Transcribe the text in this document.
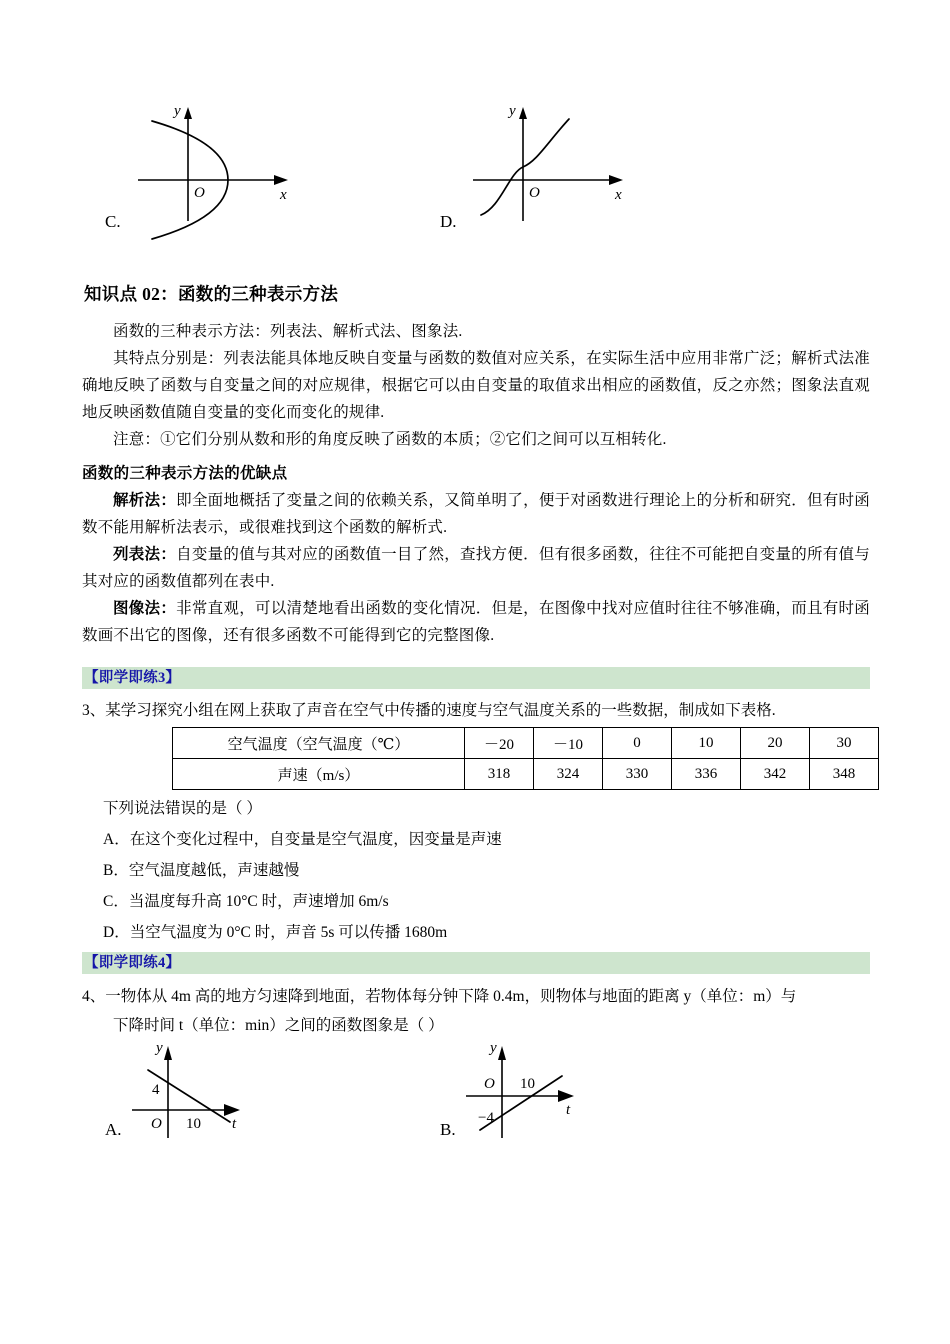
C.
y
O	x
D.
y
O	x
知识点 02：函数的三种表示方法

函数的三种表示方法：列表法、解析式法、图象法.

其特点分别是：列表法能具体地反映自变量与函数的数值对应关系，在实际生活中应用非常广泛；解析式法准确地反映了函数与自变量之间的对应规律，根据它可以由自变量的取值求出相应的函数值，反之亦然；图象法直观地反映函数值随自变量的变化而变化的规律.

注意：①它们分别从数和形的角度反映了函数的本质；②它们之间可以互相转化.

函数的三种表示方法的优缺点

解析法：即全面地概括了变量之间的依赖关系，又简单明了，便于对函数进行理论上的分析和研究．但有时函数不能用解析法表示，或很难找到这个函数的解析式.

列表法：自变量的值与其对应的函数值一目了然，查找方便．但有很多函数，往往不可能把自变量的所有值与其对应的函数值都列在表中.

图像法：非常直观，可以清楚地看出函数的变化情况．但是，在图像中找对应值时往往不够准确，而且有时函数画不出它的图像，还有很多函数不可能得到它的完整图像.

【即学即练3】
3、某学习探究小组在网上获取了声音在空气中传播的速度与空气温度关系的一些数据，制成如下表格.
空气温度（空气温度（℃）	－20	－10	0	10	20	30
声速（m/s）	318	324	330	336	342	348
下列说法错误的是（ ）
A．在这个变化过程中，自变量是空气温度，因变量是声速
B．空气温度越低，声速越慢
C．当温度每升高 10°C 时，声速增加 6m/s
D．当空气温度为 0°C 时，声音 5s 可以传播 1680m
【即学即练4】
4、一物体从 4m 高的地方匀速降到地面，若物体每分钟下降 0.4m，则物体与地面的距离 y（单位：m）与
下降时间 t（单位：min）之间的函数图象是（ ）
A.
y
4
O 10 t	B.
y
O 10
−4	t
